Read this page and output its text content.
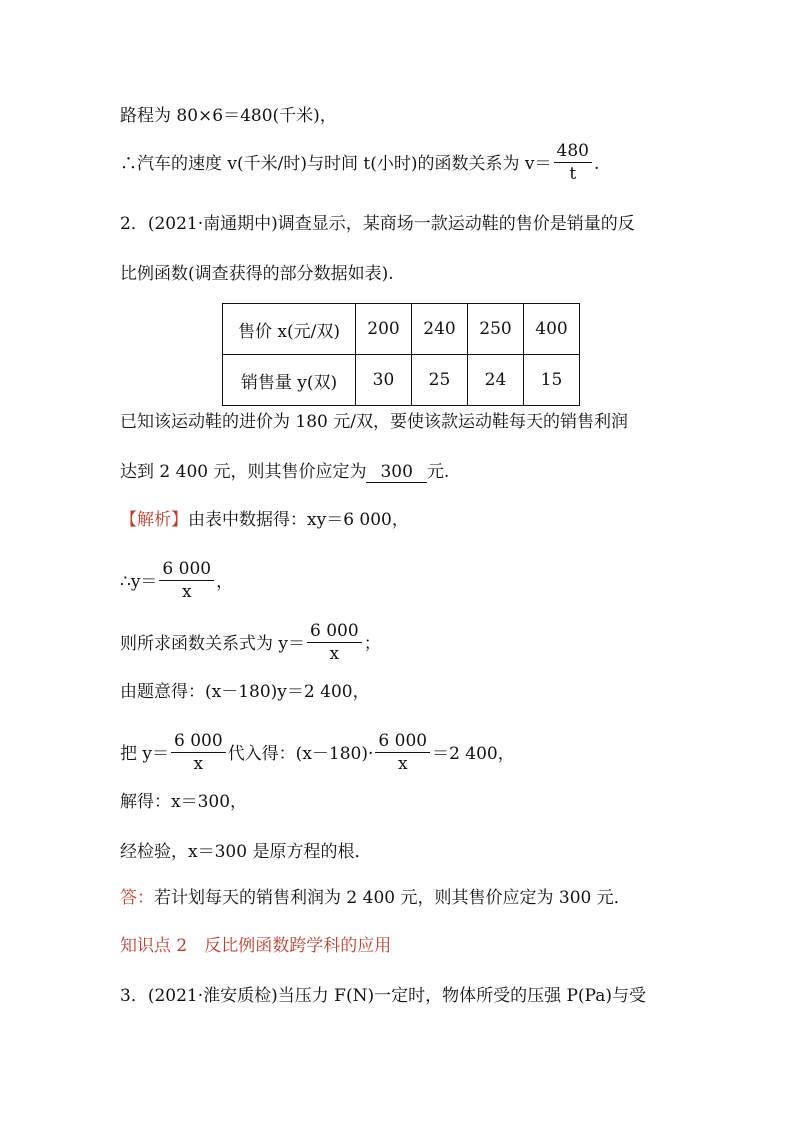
路程为 80×6＝480(千米)，
∴汽车的速度 v(千米/时)与时间 t(小时)的函数关系为 $v= \frac{480}{t}$ .
2．(2021·南通期中)调查显示，某商场一款运动鞋的售价是销量的反
比例函数(调查获得的部分数据如表).
售价 x(元/双)	200	240	250	400
销售量 y(双)	30	25	24	15
已知该运动鞋的进价为 180 元/双，要使该款运动鞋每天的销售利润
达到 2 400 元，则其售价应定为 300 元.
【解析】由表中数据得：xy＝6 000，
∴y＝ $\frac{6 000}{x}$ ，
则所求函数关系式为 $y= \frac{6 000}{x}$ ；
由题意得：(x－180)y＝2 400，
把 $y= \frac{6 000}{x}$ 代入得：$(x-180)\cdot \frac{6 000}{x} =2$ 400，
解得：x＝300，
经检验，x＝300 是原方程的根．
答：若计划每天的销售利润为 2 400 元，则其售价应定为 300 元．
知识点 2　反比例函数跨学科的应用
3．(2021·淮安质检)当压力 F(N)一定时，物体所受的压强 P(Pa)与受
